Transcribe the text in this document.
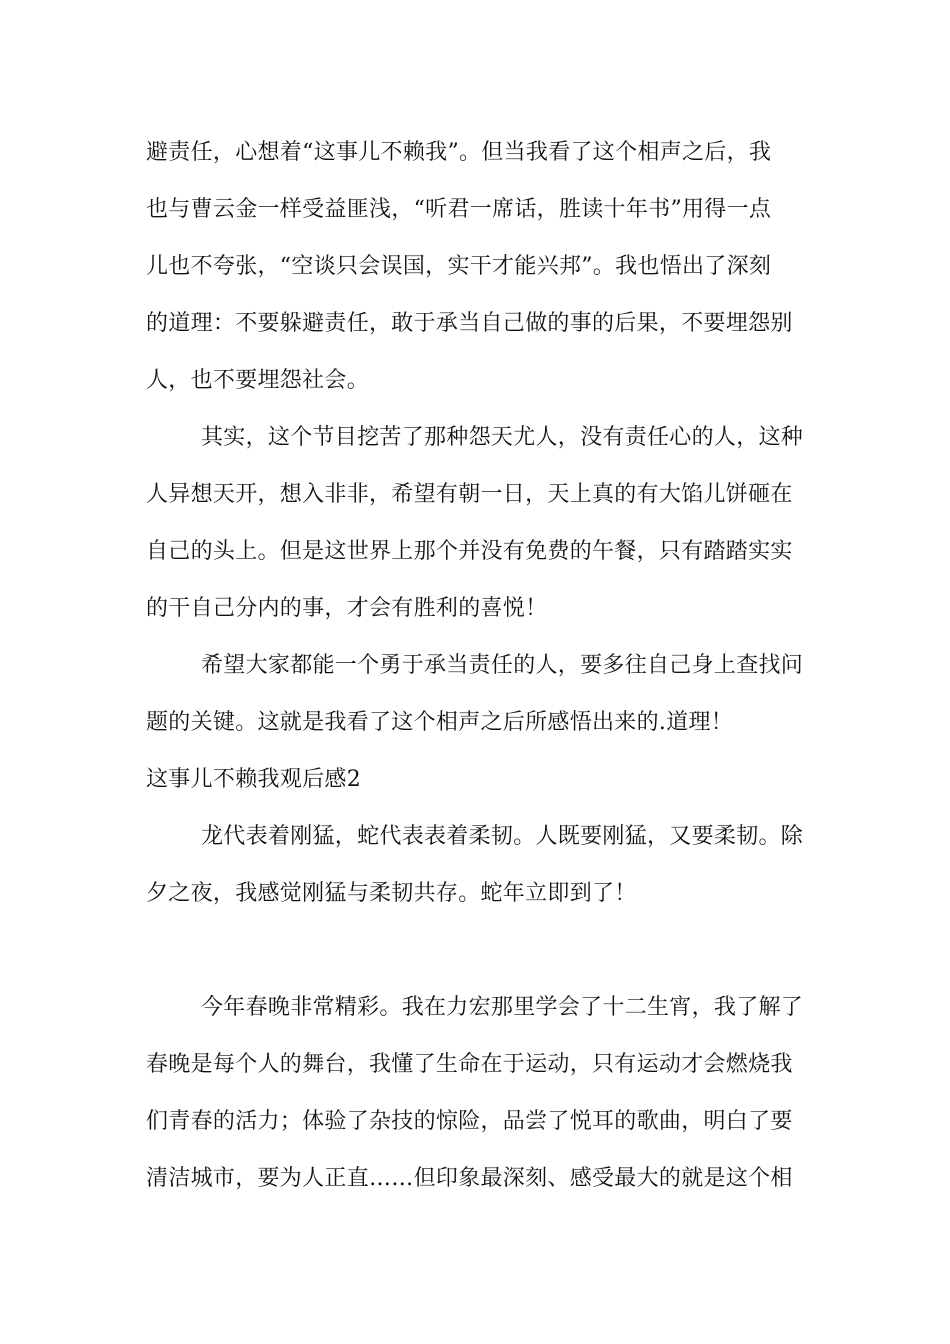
避责任，心想着“这事儿不赖我”。但当我看了这个相声之后，我
也与曹云金一样受益匪浅，“听君一席话，胜读十年书”用得一点
儿也不夸张，“空谈只会误国，实干才能兴邦”。我也悟出了深刻
的道理：不要躲避责任，敢于承当自己做的事的后果，不要埋怨别
人，也不要埋怨社会。
其实，这个节目挖苦了那种怨天尤人，没有责任心的人，这种
人异想天开，想入非非，希望有朝一日，天上真的有大馅儿饼砸在
自己的头上。但是这世界上那个并没有免费的午餐，只有踏踏实实
的干自己分内的事，才会有胜利的喜悦！
希望大家都能一个勇于承当责任的人，要多往自己身上查找问
题的关键。这就是我看了这个相声之后所感悟出来的.道理！
这事儿不赖我观后感2
龙代表着刚猛，蛇代表表着柔韧。人既要刚猛，又要柔韧。除
夕之夜，我感觉刚猛与柔韧共存。蛇年立即到了！
今年春晚非常精彩。我在力宏那里学会了十二生宵，我了解了
春晚是每个人的舞台，我懂了生命在于运动，只有运动才会燃烧我
们青春的活力；体验了杂技的惊险，品尝了悦耳的歌曲，明白了要
清洁城市，要为人正直……但印象最深刻、感受最大的就是这个相
